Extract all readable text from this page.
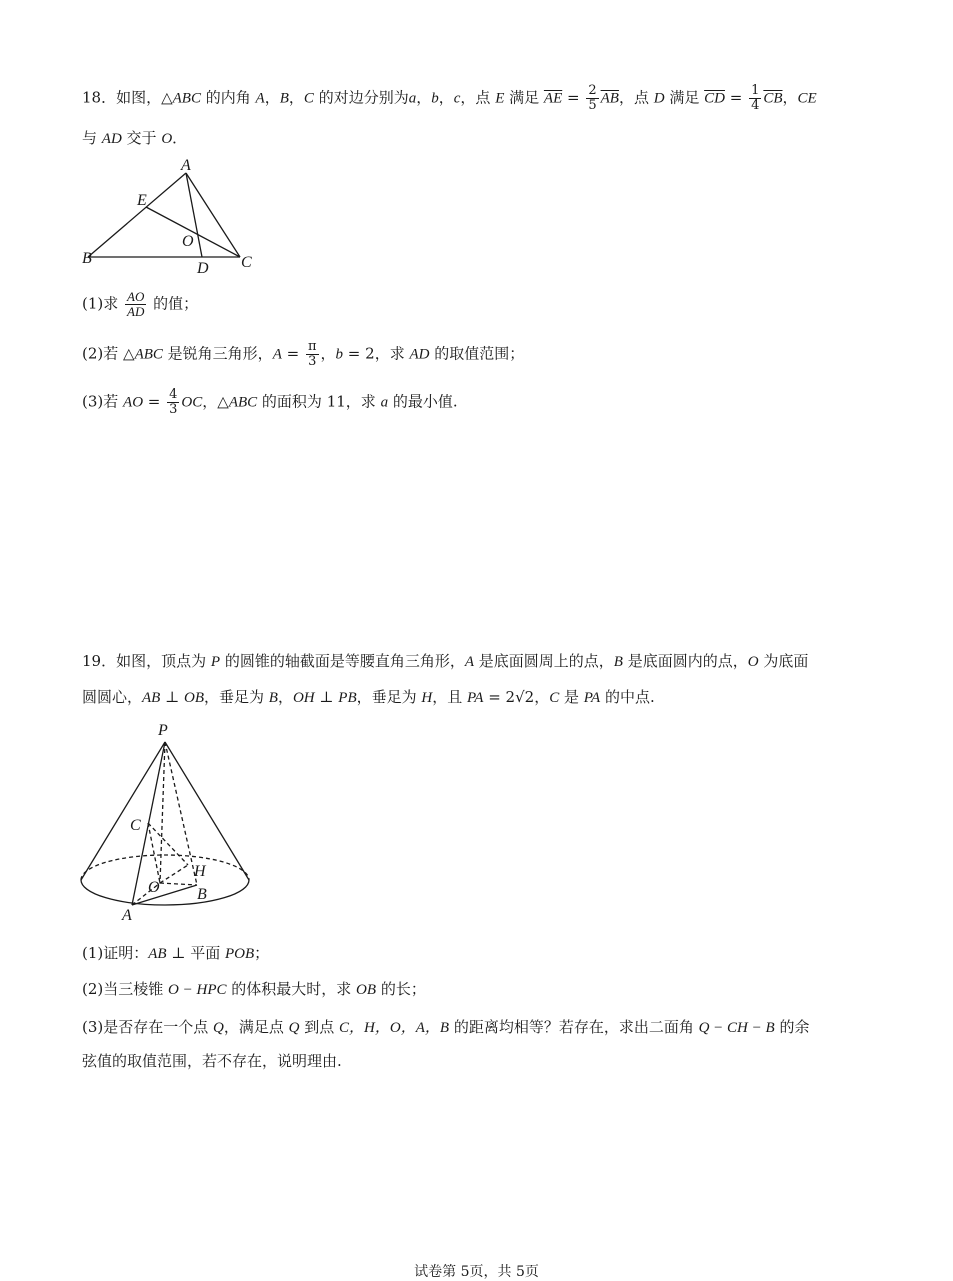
18．如图，△ABC 的内角 A，B，C 的对边分别为a，b，c，点 E 满足 $\overline{AE} = \frac{2}{5} \overline{AB}$，点 D 满足 $\overline{CD} = \frac{1}{4} \overline{CB}$，CE
与 AD 交于 O．
A
E
O
B
D C
(1)求 $\frac{AO}{AD}$ 的值；
(2)若 △ABC 是锐角三角形，$A = \frac{\pi}{3}$ ，b = 2，求 AD 的取值范围；
(3)若 AO = $\frac{4}{3}$ OC，△ABC 的面积为 11，求 a 的最小值.
19．如图，顶点为 P 的圆锥的轴截面是等腰直角三角形，A 是底面圆周上的点，B 是底面圆内的点，O 为底面
圆圆心，AB ⊥ OB，垂足为 B，OH ⊥ PB，垂足为 H，且 PA = 2√2，C 是 PA 的中点.
P
C
H
O B
A
(1)证明：AB ⊥ 平面 POB；
(2)当三棱锥 O − HPC 的体积最大时，求 OB 的长；
(3)是否存在一个点 Q，满足点 Q 到点 C，H，O，A，B 的距离均相等？若存在，求出二面角 Q − CH − B 的余
弦值的取值范围，若不存在，说明理由.
试卷第 5页，共 5页
